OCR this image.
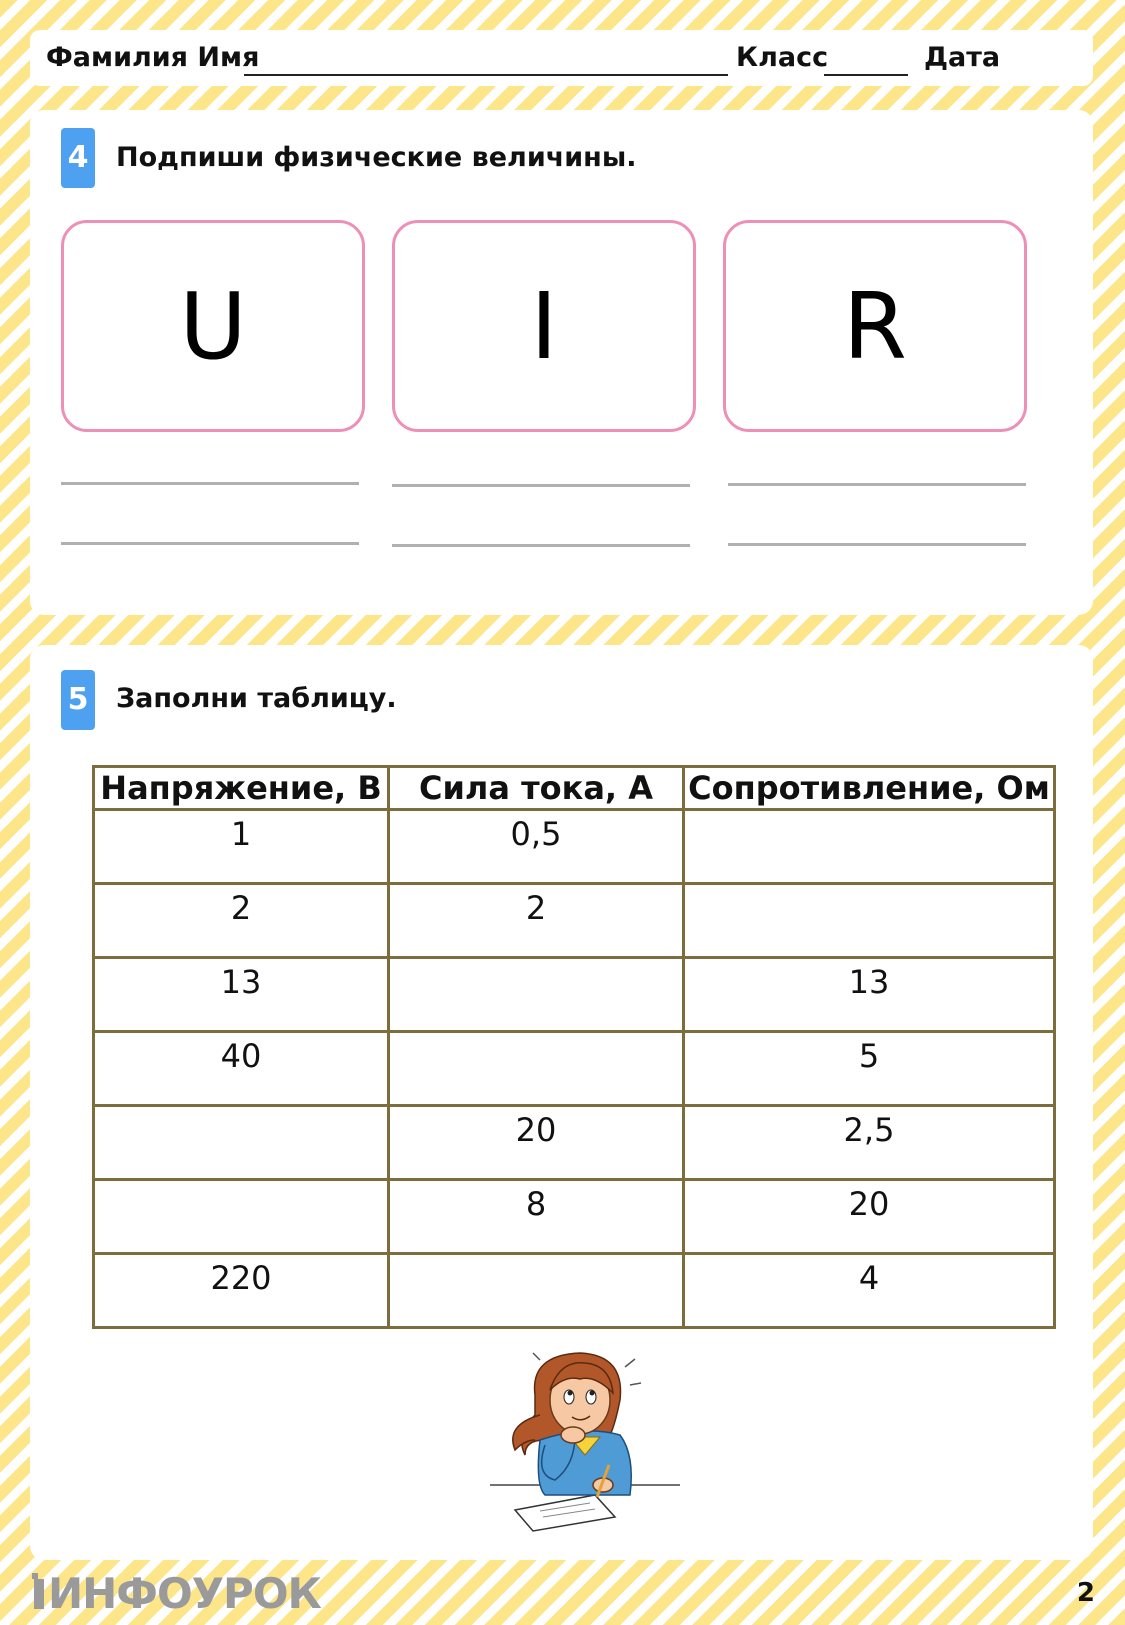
Фамилия Имя	Класс	Дата
4 Подпиши физические величины.
U	I	R
5 Заполни таблицу.
Напряжение, В	Сила тока, А	Сопротивление, Ом
1	0,5	
2	2	
13		13
40		5
	20	2,5
	8	20
220		4
ИНФОУРОК	2
